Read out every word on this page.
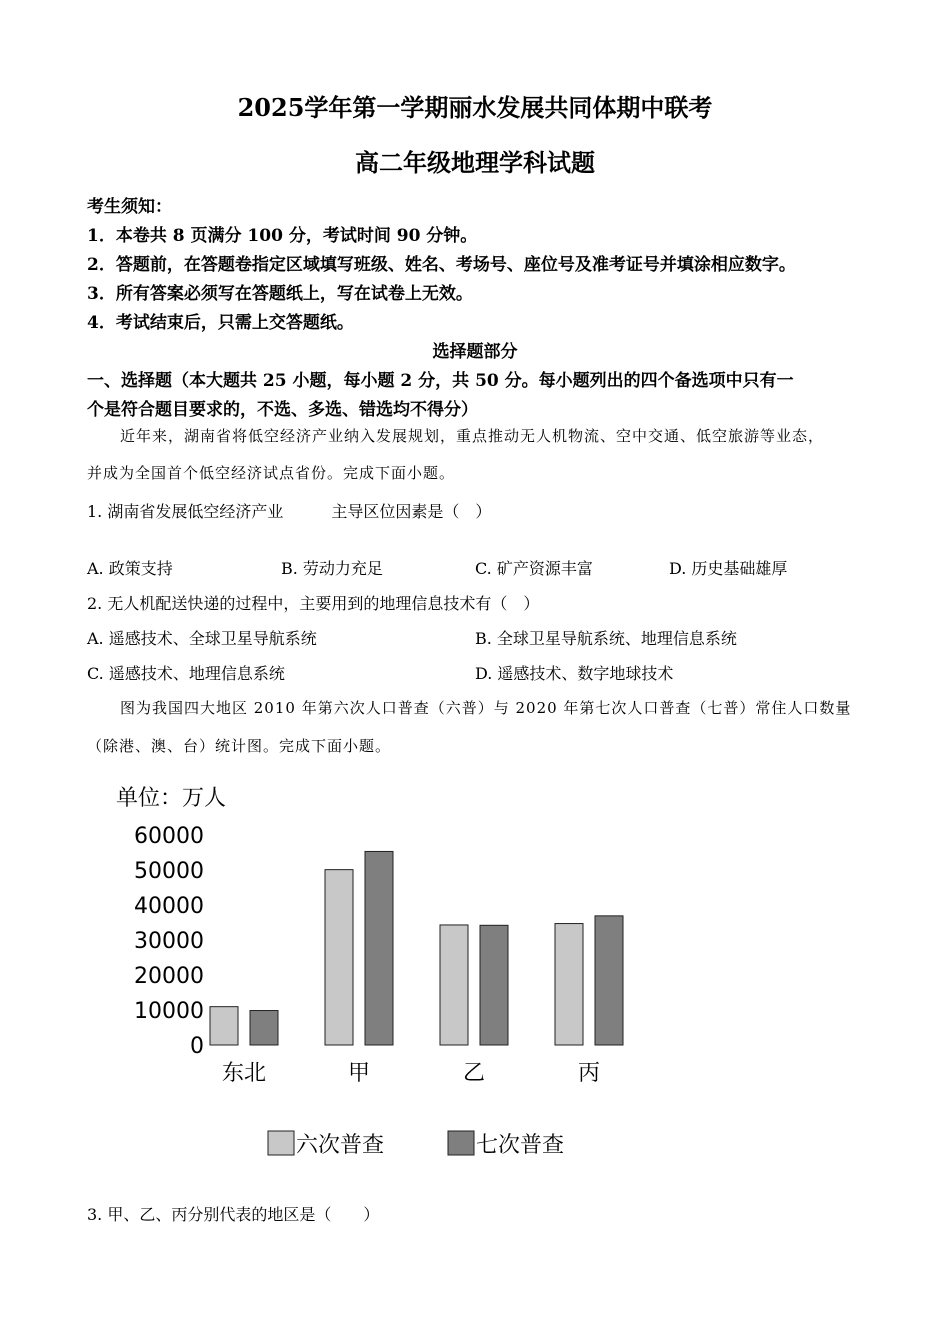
2025学年第一学期丽水发展共同体期中联考
高二年级地理学科试题
考生须知：
1．本卷共 8 页满分 100 分，考试时间 90 分钟。
2．答题前，在答题卷指定区域填写班级、姓名、考场号、座位号及准考证号并填涂相应数字。
3．所有答案必须写在答题纸上，写在试卷上无效。
4．考试结束后，只需上交答题纸。
选择题部分
一、选择题（本大题共 25 小题，每小题 2 分，共 50 分。每小题列出的四个备选项中只有一
个是符合题目要求的，不选、多选、错选均不得分）
近年来，湖南省将低空经济产业纳入发展规划，重点推动无人机物流、空中交通、低空旅游等业态，
并成为全国首个低空经济试点省份。完成下面小题。
1. 湖南省发展低空经济产业　　　主导区位因素是（　）
A. 政策支持	B. 劳动力充足	C. 矿产资源丰富	D. 历史基础雄厚
2. 无人机配送快递的过程中，主要用到的地理信息技术有（　）
A. 遥感技术、全球卫星导航系统	B. 全球卫星导航系统、地理信息系统
C. 遥感技术、地理信息系统	D. 遥感技术、数字地球技术
图为我国四大地区 2010 年第六次人口普查（六普）与 2020 年第七次人口普查（七普）常住人口数量
（除港、澳、台）统计图。完成下面小题。
单位：万人
0
10000
20000
30000
40000
50000
60000
东北	甲	乙	丙
六次普查	七次普查
3. 甲、乙、丙分别代表的地区是（　　）
